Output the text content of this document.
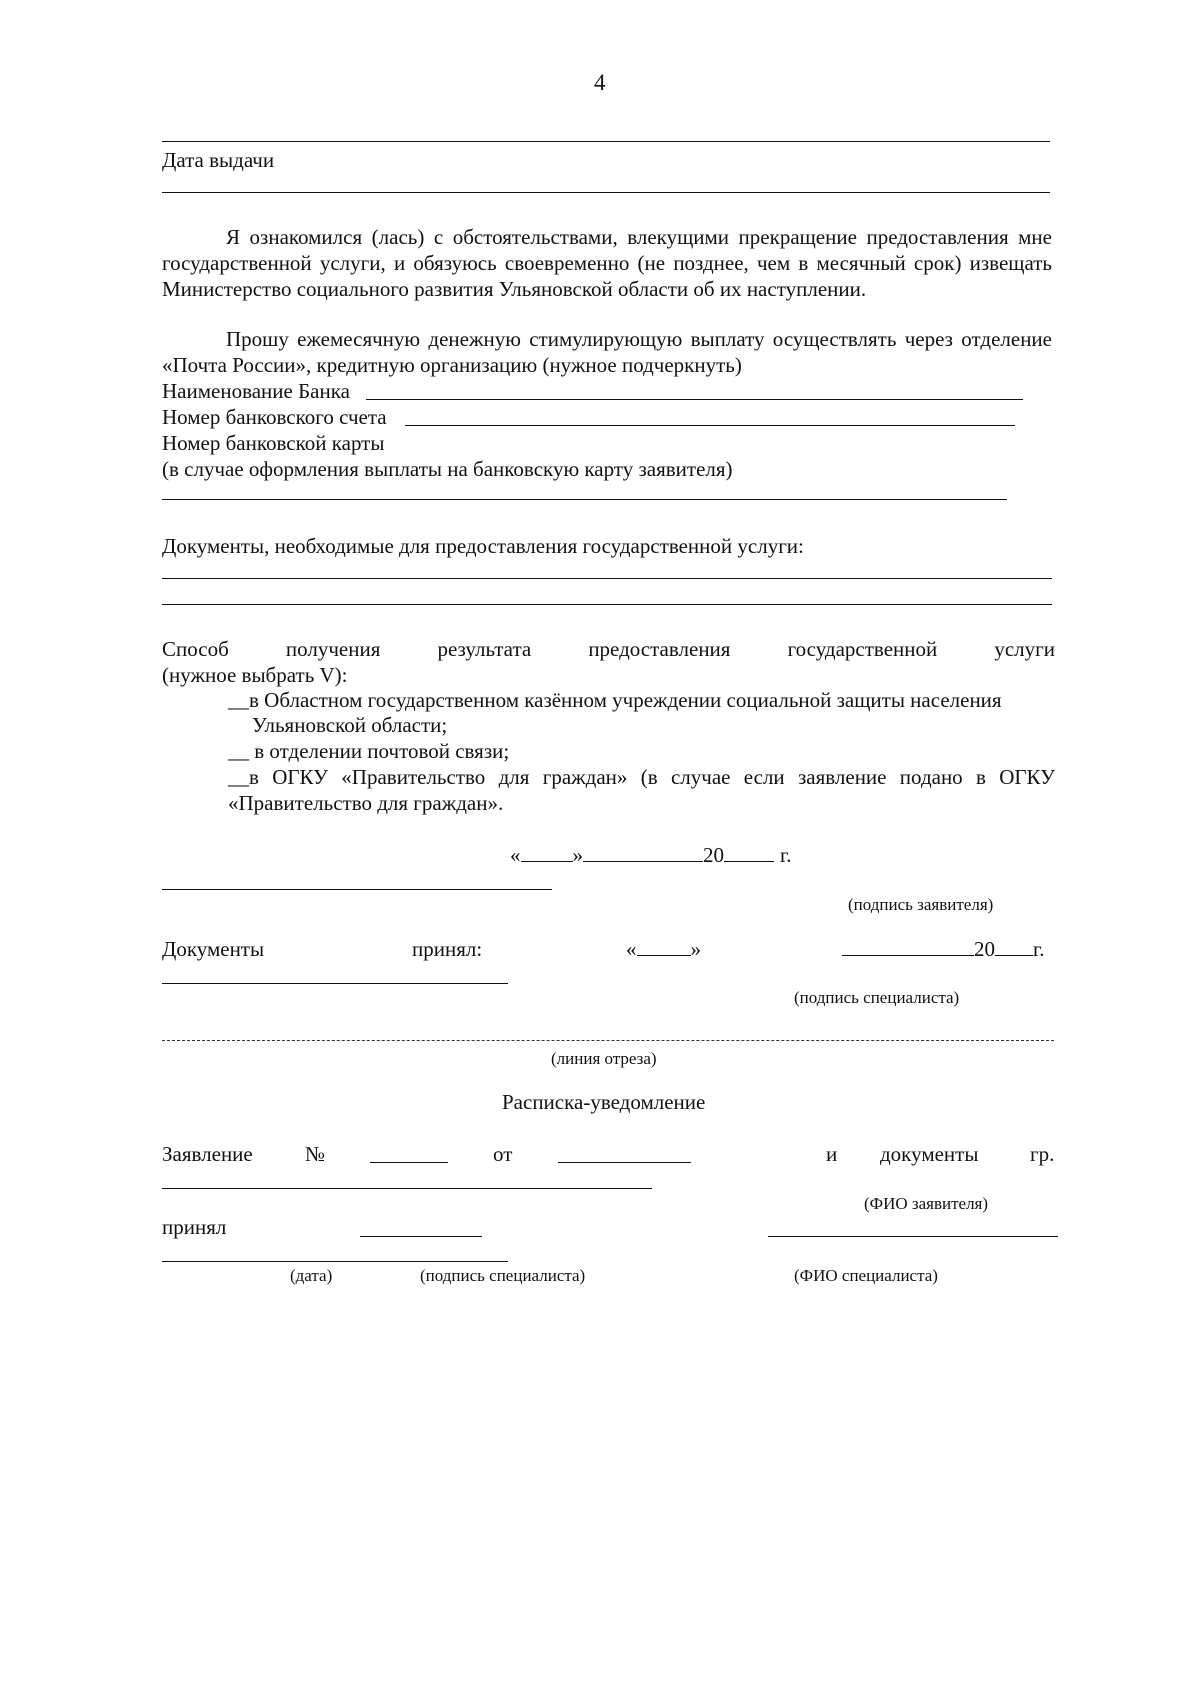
4
Дата выдачи
Я ознакомился (лась) с обстоятельствами, влекущими прекращение предоставления мне государственной услуги, и обязуюсь своевременно (не позднее, чем в месячный срок) извещать Министерство социального развития Ульяновской области об их наступлении.
Прошу ежемесячную денежную стимулирующую выплату осуществлять через отделение «Почта России», кредитную организацию (нужное подчеркнуть)
Наименование Банка
Номер банковского счета
Номер банковской карты
(в случае оформления выплаты на банковскую карту заявителя)
Документы, необходимые для предоставления государственной услуги:
Способ	получения	результата	предоставления	государственной	услуги
(нужное выбрать V):
__в Областном государственном казённом учреждении социальной защиты населения
Ульяновской области;
__ в отделении почтовой связи;
__ в ОГКУ «Правительство для граждан» (в случае если заявление подано в ОГКУ
«Правительство для граждан».
« »	20	г.
(подпись заявителя)
Документы	принял:	«	»	20 г.
(подпись специалиста)
(линия отреза)
Расписка-уведомление
Заявление №	от	и документы гр.
(ФИО заявителя)
принял
(дата)	(подпись специалиста)	(ФИО специалиста)
